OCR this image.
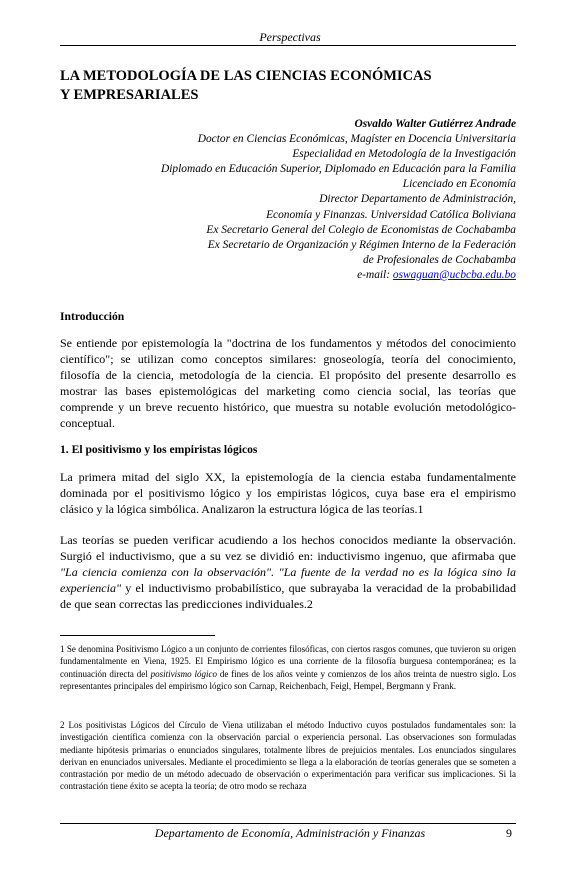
Perspectivas
LA METODOLOGÍA DE LAS CIENCIAS ECONÓMICAS
Y EMPRESARIALES
Osvaldo Walter Gutiérrez Andrade
Doctor en Ciencias Económicas, Magíster en Docencia Universitaria
Especialidad en Metodología de la Investigación
Diplomado en Educación Superior, Diplomado en Educación para la Familia
Licenciado en Economía
Director Departamento de Administración,
Economía y Finanzas. Universidad Católica Boliviana
Ex Secretario General del Colegio de Economistas de Cochabamba
Ex Secretario de Organización y Régimen Interno de la Federación
de Profesionales de Cochabamba
e-mail: oswaguan@ucbcba.edu.bo
Introducción
Se entiende por epistemología la "doctrina de los fundamentos y métodos del conocimiento científico"; se utilizan como conceptos similares: gnoseología, teoría del conocimiento, filosofía de la ciencia, metodología de la ciencia. El propósito del presente desarrollo es mostrar las bases epistemológicas del marketing como ciencia social, las teorías que comprende y un breve recuento histórico, que muestra su notable evolución metodológico-conceptual.
1. El positivismo y los empiristas lógicos
La primera mitad del siglo XX, la epistemología de la ciencia estaba fundamentalmente dominada por el positivismo lógico y los empiristas lógicos, cuya base era el empirismo clásico y la lógica simbólica. Analizaron la estructura lógica de las teorías.1
Las teorías se pueden verificar acudiendo a los hechos conocidos mediante la observación. Surgió el inductivismo, que a su vez se dividió en: inductivismo ingenuo, que afirmaba que "La ciencia comienza con la observación". "La fuente de la verdad no es la lógica sino la experiencia" y el inductivismo probabilístico, que subrayaba la veracidad de la probabilidad de que sean correctas las predicciones individuales.2
1 Se denomina Positivismo Lógico a un conjunto de corrientes filosóficas, con ciertos rasgos comunes, que tuvieron su origen fundamentalmente en Viena, 1925. El Empirismo lógico es una corriente de la filosofía burguesa contemporánea; es la continuación directa del positivismo lógico de fines de los años veinte y comienzos de los años treinta de nuestro siglo. Los representantes principales del empirismo lógico son Carnap, Reichenbach, Feigl, Hempel, Bergmann y Frank.
2 Los positivistas Lógicos del Círculo de Viena utilizaban el método Inductivo cuyos postulados fundamentales son: la investigación científica comienza con la observación parcial o experiencia personal. Las observaciones son formuladas mediante hipótesis primarias o enunciados singulares, totalmente libres de prejuicios mentales. Los enunciados singulares derivan en enunciados universales. Mediante el procedimiento se llega a la elaboración de teorías generales que se someten a contrastación por medio de un método adecuado de observación o experimentación para verificar sus implicaciones. Si la contrastación tiene éxito se acepta la teoría; de otro modo se rechaza
Departamento de Economía, Administración y Finanzas	9
